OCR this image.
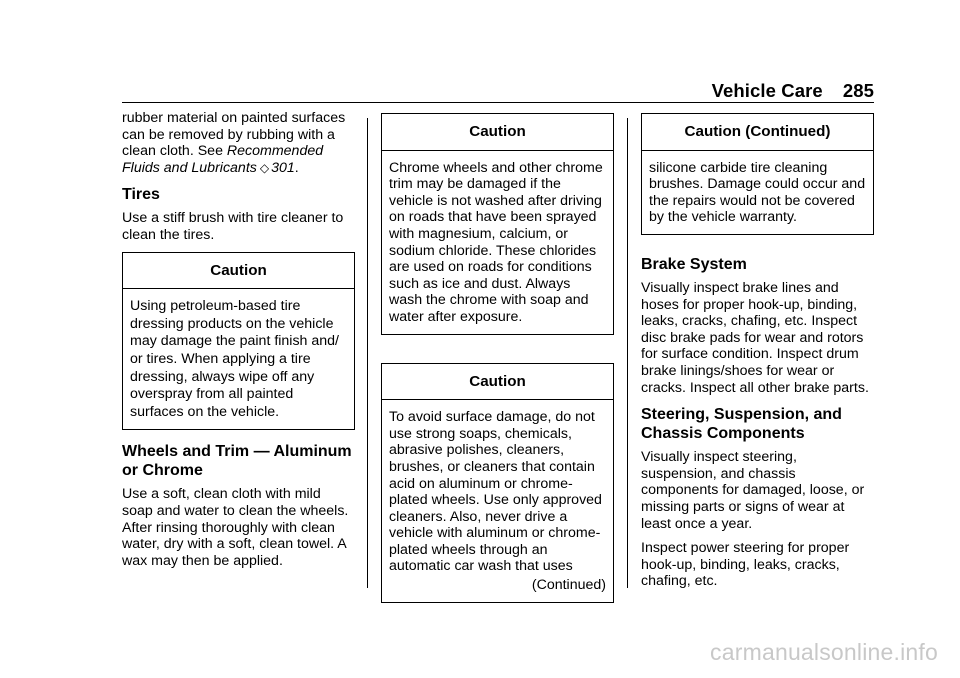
Vehicle Care 285

rubber material on painted surfaces can be removed by rubbing with a clean cloth. See Recommended Fluids and Lubricants ◇ 301.

Tires

Use a stiff brush with tire cleaner to clean the tires.

Caution
Using petroleum-based tire dressing products on the vehicle may damage the paint finish and/ or tires. When applying a tire dressing, always wipe off any overspray from all painted surfaces on the vehicle.
Wheels and Trim — Aluminum or Chrome

Use a soft, clean cloth with mild soap and water to clean the wheels. After rinsing thoroughly with clean water, dry with a soft, clean towel. A wax may then be applied.

Caution
Chrome wheels and other chrome trim may be damaged if the vehicle is not washed after driving on roads that have been sprayed with magnesium, calcium, or sodium chloride. These chlorides are used on roads for conditions such as ice and dust. Always wash the chrome with soap and water after exposure.
Caution
To avoid surface damage, do not use strong soaps, chemicals, abrasive polishes, cleaners, brushes, or cleaners that contain acid on aluminum or chrome-plated wheels. Use only approved cleaners. Also, never drive a vehicle with aluminum or chrome-plated wheels through an automatic car wash that uses
(Continued)
Caution (Continued)
silicone carbide tire cleaning brushes. Damage could occur and the repairs would not be covered by the vehicle warranty.
Brake System

Visually inspect brake lines and hoses for proper hook-up, binding, leaks, cracks, chafing, etc. Inspect disc brake pads for wear and rotors for surface condition. Inspect drum brake linings/shoes for wear or cracks. Inspect all other brake parts.

Steering, Suspension, and Chassis Components

Visually inspect steering, suspension, and chassis components for damaged, loose, or missing parts or signs of wear at least once a year.

Inspect power steering for proper hook-up, binding, leaks, cracks, chafing, etc.

carmanualsonline.info
